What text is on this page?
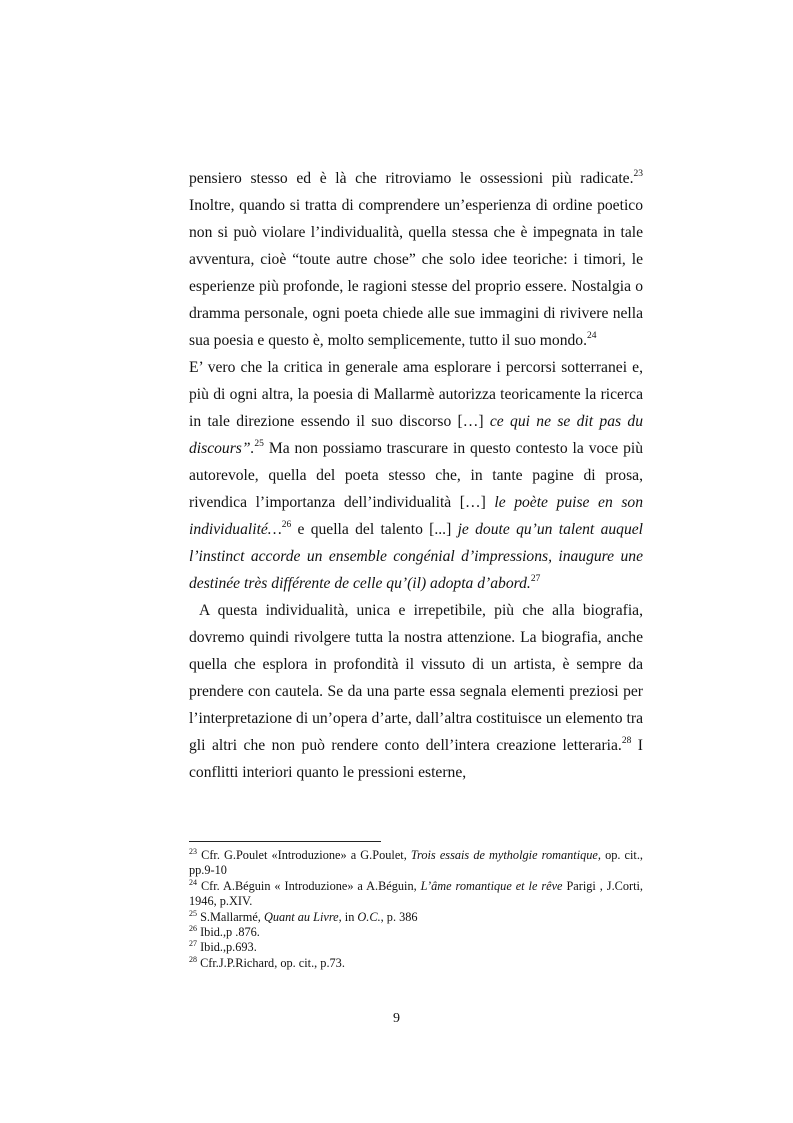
pensiero stesso ed è là che ritroviamo le ossessioni più radicate.$^{23}$ Inoltre, quando si tratta di comprendere un’esperienza di ordine poetico non si può violare l’individualità, quella stessa che è impegnata in tale avventura, cioè “toute autre chose” che solo idee teoriche: i timori, le esperienze più profonde, le ragioni stesse del proprio essere. Nostalgia o dramma personale, ogni poeta chiede alle sue immagini di rivivere nella sua poesia e questo è, molto semplicemente, tutto il suo mondo.$^{24}$

E’ vero che la critica in generale ama esplorare i percorsi sotterranei e, più di ogni altra, la poesia di Mallarmè autorizza teoricamente la ricerca in tale direzione essendo il suo discorso […] ce qui ne se dit pas du discours”.$^{25}$ Ma non possiamo trascurare in questo contesto la voce più autorevole, quella del poeta stesso che, in tante pagine di prosa, rivendica l’importanza dell’individualità […] le poète puise en son individualité…$^{26}$ e quella del talento [...] je doute qu’un talent auquel l’instinct accorde un ensemble congénial d’impressions, inaugure une destinée très différente de celle qu’(il) adopta d’abord.$^{27}$

A questa individualità, unica e irrepetibile, più che alla biografia, dovremo quindi rivolgere tutta la nostra attenzione. La biografia, anche quella che esplora in profondità il vissuto di un artista, è sempre da prendere con cautela. Se da una parte essa segnala elementi preziosi per l’interpretazione di un’opera d’arte, dall’altra costituisce un elemento tra gli altri che non può rendere conto dell’intera creazione letteraria.$^{28}$ I conflitti interiori quanto le pressioni esterne,

$^{23}$ Cfr. G.Poulet «Introduzione» a G.Poulet, Trois essais de mytholgie romantique, op. cit., pp.9-10

$^{24}$ Cfr. A.Béguin « Introduzione» a A.Béguin, L’âme romantique et le rêve Parigi , J.Corti, 1946, p.XIV.

$^{25}$ S.Mallarmé, Quant au Livre, in O.C., p. 386

$^{26}$ Ibid.,p .876.

$^{27}$ Ibid.,p.693.

$^{28}$ Cfr.J.P.Richard, op. cit., p.73.

9
